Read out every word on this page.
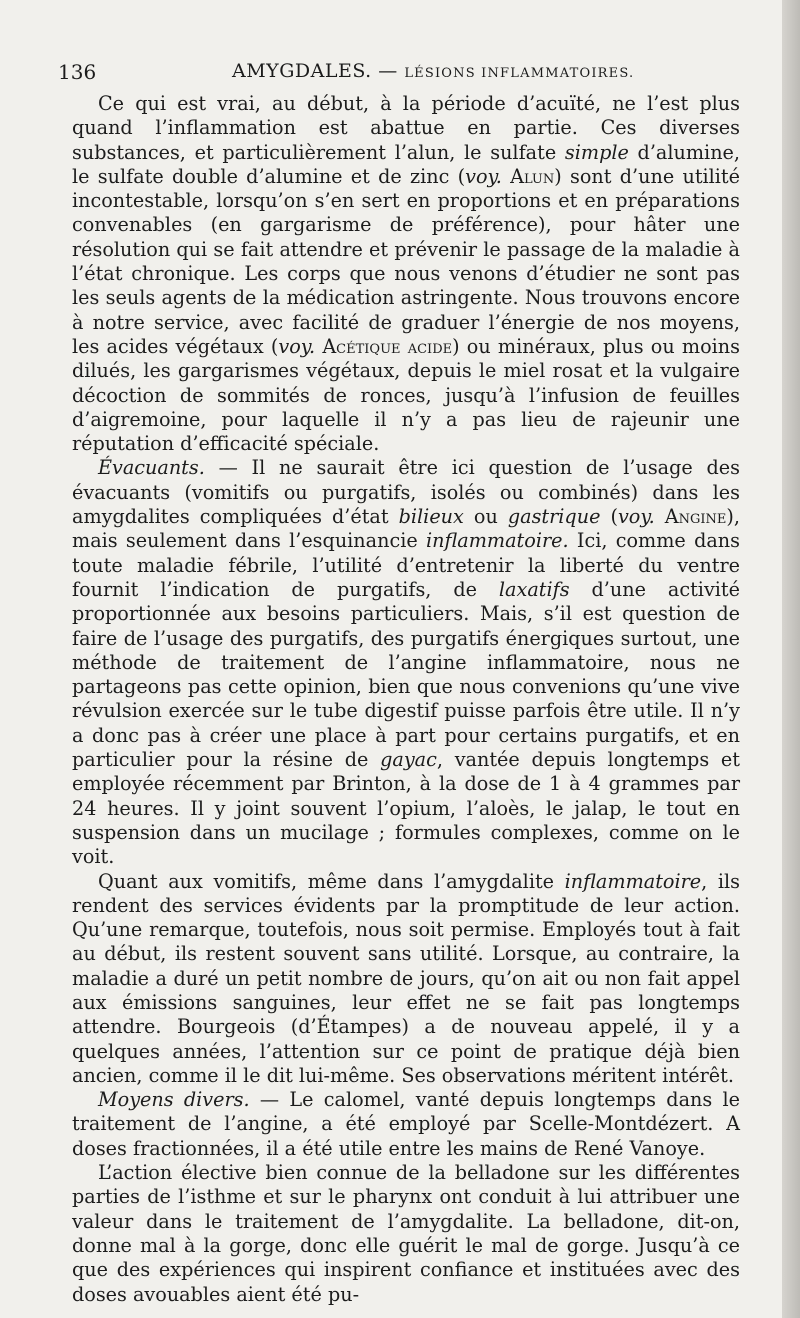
136	AMYGDALES. — LÉSIONS INFLAMMATOIRES.

Ce qui est vrai, au début, à la période d’acuïté, ne l’est plus quand l’inflammation est abattue en partie. Ces diverses substances, et particulièrement l’alun, le sulfate simple d’alumine, le sulfate double d’alumine et de zinc (voy. Alun) sont d’une utilité incontestable, lorsqu’on s’en sert en proportions et en préparations convenables (en gargarisme de préférence), pour hâter une résolution qui se fait attendre et prévenir le passage de la maladie à l’état chronique. Les corps que nous venons d’étudier ne sont pas les seuls agents de la médication astringente. Nous trouvons encore à notre service, avec facilité de graduer l’énergie de nos moyens, les acides végétaux (voy. Acétique acide) ou minéraux, plus ou moins dilués, les gargarismes végétaux, depuis le miel rosat et la vulgaire décoction de sommités de ronces, jusqu’à l’infusion de feuilles d’aigremoine, pour laquelle il n’y a pas lieu de rajeunir une réputation d’efficacité spéciale.

Évacuants. — Il ne saurait être ici question de l’usage des évacuants (vomitifs ou purgatifs, isolés ou combinés) dans les amygdalites compliquées d’état bilieux ou gastrique (voy. Angine), mais seulement dans l’esquinancie inflammatoire. Ici, comme dans toute maladie fébrile, l’utilité d’entretenir la liberté du ventre fournit l’indication de purgatifs, de laxatifs d’une activité proportionnée aux besoins particuliers. Mais, s’il est question de faire de l’usage des purgatifs, des purgatifs énergiques surtout, une méthode de traitement de l’angine inflammatoire, nous ne partageons pas cette opinion, bien que nous convenions qu’une vive révulsion exercée sur le tube digestif puisse parfois être utile. Il n’y a donc pas à créer une place à part pour certains purgatifs, et en particulier pour la résine de gayac, vantée depuis longtemps et employée récemment par Brinton, à la dose de 1 à 4 grammes par 24 heures. Il y joint souvent l’opium, l’aloès, le jalap, le tout en suspension dans un mucilage ; formules complexes, comme on le voit.

Quant aux vomitifs, même dans l’amygdalite inflammatoire, ils rendent des services évidents par la promptitude de leur action. Qu’une remarque, toutefois, nous soit permise. Employés tout à fait au début, ils restent souvent sans utilité. Lorsque, au contraire, la maladie a duré un petit nombre de jours, qu’on ait ou non fait appel aux émissions sanguines, leur effet ne se fait pas longtemps attendre. Bourgeois (d’Étampes) a de nouveau appelé, il y a quelques années, l’attention sur ce point de pratique déjà bien ancien, comme il le dit lui-même. Ses observations méritent intérêt.

Moyens divers. — Le calomel, vanté depuis longtemps dans le traitement de l’angine, a été employé par Scelle-Montdézert. A doses fractionnées, il a été utile entre les mains de René Vanoye.

L’action élective bien connue de la belladone sur les différentes parties de l’isthme et sur le pharynx ont conduit à lui attribuer une valeur dans le traitement de l’amygdalite. La belladone, dit-on, donne mal à la gorge, donc elle guérit le mal de gorge. Jusqu’à ce que des expériences qui inspirent confiance et instituées avec des doses avouables aient été pu-
